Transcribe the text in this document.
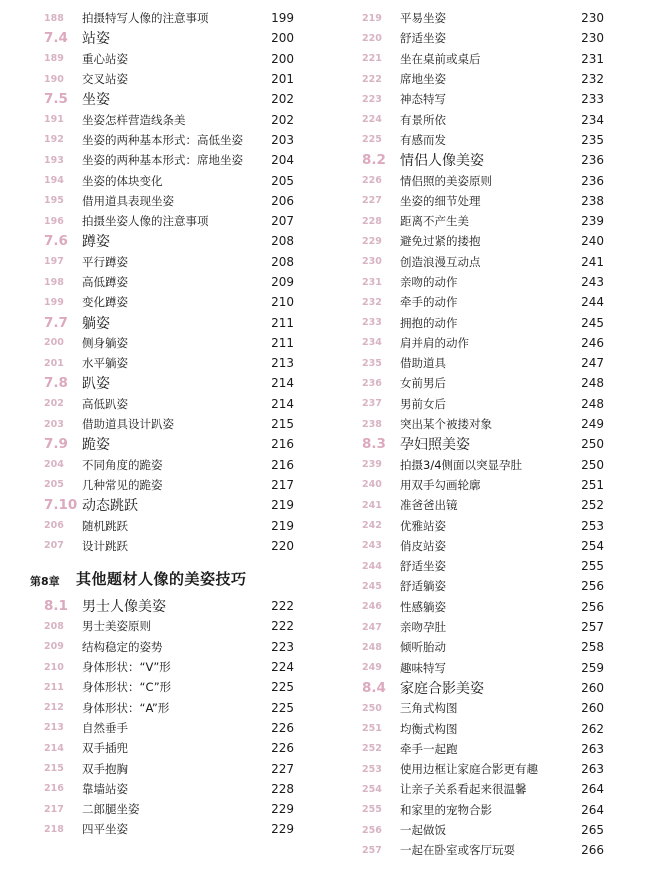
188	拍摄特写人像的注意事项	199
7.4	站姿	200
189	重心站姿	200
190	交叉站姿	201
7.5	坐姿	202
191	坐姿怎样营造线条美	202
192	坐姿的两种基本形式：高低坐姿	203
193	坐姿的两种基本形式：席地坐姿	204
194	坐姿的体块变化	205
195	借用道具表现坐姿	206
196	拍摄坐姿人像的注意事项	207
7.6	蹲姿	208
197	平行蹲姿	208
198	高低蹲姿	209
199	变化蹲姿	210
7.7	躺姿	211
200	侧身躺姿	211
201	水平躺姿	213
7.8	趴姿	214
202	高低趴姿	214
203	借助道具设计趴姿	215
7.9	跪姿	216
204	不同角度的跪姿	216
205	几种常见的跪姿	217
7.10 动态跳跃	219
206	随机跳跃	219
207	设计跳跃	220
第8章	其他题材人像的美姿技巧
8.1	男士人像美姿	222
208	男士美姿原则	222
209	结构稳定的姿势	223
210	身体形状：“V”形	224
211	身体形状：“C”形	225
212	身体形状：“A”形	225
213	自然垂手	226
214	双手插兜	226
215	双手抱胸	227
216	靠墙站姿	228
217	二郎腿坐姿	229
218	四平坐姿	229
219	平易坐姿	230
220	舒适坐姿	230
221	坐在桌前或桌后	231
222	席地坐姿	232
223	神态特写	233
224	有景所依	234
225	有感而发	235
8.2	情侣人像美姿	236
226	情侣照的美姿原则	236
227	坐姿的细节处理	238
228	距离不产生美	239
229	避免过紧的搂抱	240
230	创造浪漫互动点	241
231	亲吻的动作	243
232	牵手的动作	244
233	拥抱的动作	245
234	肩并肩的动作	246
235	借助道具	247
236	女前男后	248
237	男前女后	248
238	突出某个被搂对象	249
8.3	孕妇照美姿	250
239	拍摄3/4侧面以突显孕肚	250
240	用双手勾画轮廓	251
241	准爸爸出镜	252
242	优雅站姿	253
243	俏皮站姿	254
244	舒适坐姿	255
245	舒适躺姿	256
246	性感躺姿	256
247	亲吻孕肚	257
248	倾听胎动	258
249	趣味特写	259
8.4	家庭合影美姿	260
250	三角式构图	260
251	均衡式构图	262
252	牵手一起跑	263
253	使用边框让家庭合影更有趣	263
254	让亲子关系看起来很温馨	264
255	和家里的宠物合影	264
256	一起做饭	265
257	一起在卧室或客厅玩耍	266
